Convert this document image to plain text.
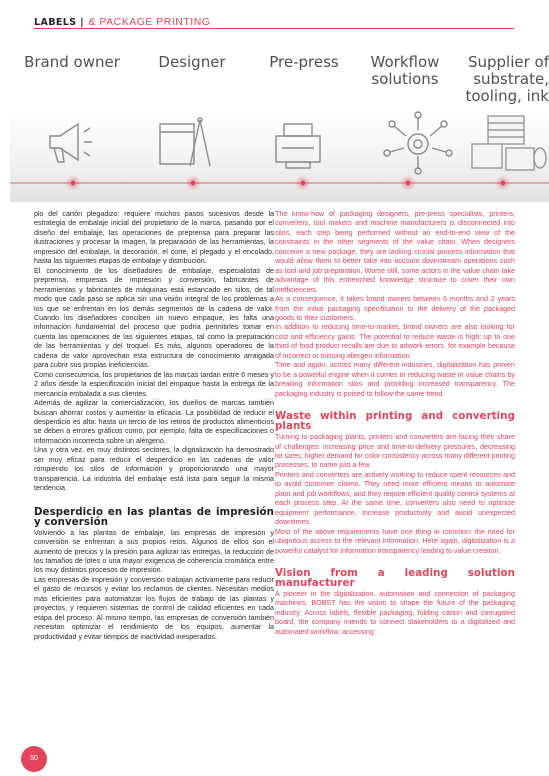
LABELS | & PACKAGE PRINTING
Brand owner	Designer	Pre-press	Workflow solutions
Supplier of substrate, tooling, ink

plo del cartón plegadizo: requiere muchos pasos sucesivos desde la estrategia de embalaje inicial del propietario de la marca, pasando por el diseño del embalaje, las operaciones de preprensa para preparar las ilustraciones y procesar la imagen, la preparación de las herramientas, la impresión del embalaje, la decoración, el corte, el plegado y el encolado, hasta las siguientes etapas de embalaje y distribución.

El conocimiento de los diseñadores de embalaje, especialistas de preprensa, empresas de impresión y conversión, fabricantes de herramientas y fabricantes de máquinas está estancado en silos, de tal modo que cada paso se aplica sin una visión integral de los problemas a los que se enfrentan en los demás segmentos de la cadena de valor. Cuando los diseñadores conciben un nuevo empaque, les falta una información fundamental del proceso que podría permitirles tomar en cuenta las operaciones de las siguientes etapas, tal como la preparación de las herramientas y del troquel. Es más, algunos operadores de la cadena de valor aprovechan esta estructura de conocimiento arraigada para cubrir sus propias ineficiencias.

Como consecuencia, los propietarios de las marcas tardan entre 6 meses y 2 años desde la especificación inicial del empaque hasta la entrega de la mercancía embalada a sus clientes.

Además de agilizar la comercialización, los dueños de marcas también buscan ahorrar costos y aumentar la eficacia. La posibilidad de reducir el desperdicio es alta: hasta un tercio de los retiros de productos alimenticios se deben a errores gráficos como, por ejemplo, falta de especificaciones o información incorrecta sobre un alérgeno.

Una y otra vez, en muy distintos sectores, la digitalización ha demostrado ser muy eficaz para reducir el desperdicio en las cadenas de valor rompiendo los silos de información y proporcionando una mayor transparencia. La industria del embalaje está lista para seguir la misma tendencia.

Desperdicio en las plantas de impresión y conversión

Volviendo a las plantas de embalaje, las empresas de impresión y conversión se enfrentan a sus propios retos. Algunos de ellos son el aumento de precios y la presión para agilizar las entregas, la reducción de los tamaños de lotes o una mayor exigencia de coherencia cromática entre los muy distintos procesos de impresión.

Las empresas de impresión y conversión trabajan activamente para reducir el gasto de recursos y evitar los reclamos de clientes. Necesitan medios más eficientes para automatizar los flujos de trabajo de las plantas y proyectos, y requieren sistemas de control de calidad eficientes en cada etapa del proceso. Al mismo tiempo, las empresas de conversión también necesitan optimizar el rendimiento de los equipos, aumentar la productividad y evitar tiempos de inactividad inesperados.

The know-how of packaging designers, pre-press specialists, printers, converters, tool makers and machine manufacturers is disconnected into silos, each step being performed without an end-to-end view of the constraints in the other segments of the value chain. When designers conceive a new package, they are lacking crucial process information that would allow them to better take into account downstream operations such as tool and job preparation. Worse still, some actors in the value chain take advantage of this entrenched knowledge structure to cover their own inefficiencies.

As a consequence, it takes brand owners between 6 months and 2 years from the initial packaging specification to the delivery of the packaged goods to their customers.

In addition to reducing time-to-market, brand owners are also looking for cost and efficiency gains. The potential to reduce waste is high: up to one third of food product recalls are due to artwork errors, for example because of incorrect or missing allergen information.

Time and again, across many different industries, digitalization has proven to be a powerful engine when it comes to reducing waste in value chains by breaking information silos and providing increased transparency. The packaging industry is poised to follow the same trend.

Waste within printing and converting plants

Turning to packaging plants, printers and converters are facing their share of challenges: increasing price and time-to-delivery pressures, decreasing lot sizes, higher demand for color consistency across many different printing processes, to name just a few.

Printers and converters are actively working to reduce spent resources and to avoid customer claims. They need more efficient means to automate plant and job workflows, and they require efficient quality control systems at each process step. At the same time, converters also need to optimize equipment performance, increase productivity and avoid unexpected downtimes.

Most of the above requirements have one thing in common: the need for ubiquitous access to the relevant information. Here again, digitalization is a powerful catalyst for information transparency leading to value creation.

Vision from a leading solution manufacturer

A pioneer in the digitalization, automation and connection of packaging machines, BOBST has the vision to shape the future of the packaging industry. Across labels, flexible packaging, folding carton and corrugated board, the company intends to connect stakeholders to a digitalized and automated workflow, accessing

50
